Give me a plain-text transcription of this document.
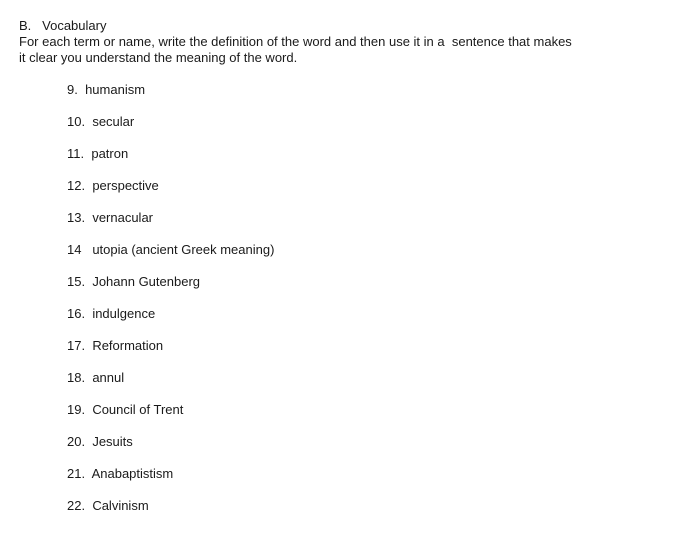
B. Vocabulary
For each term or name, write the definition of the word and then use it in a  sentence that makes
it clear you understand the meaning of the word.
9. humanism
10. secular
11. patron
12. perspective
13. vernacular
14 utopia (ancient Greek meaning)
15. Johann Gutenberg
16. indulgence
17. Reformation
18. annul
19. Council of Trent
20. Jesuits
21. Anabaptistism
22. Calvinism
